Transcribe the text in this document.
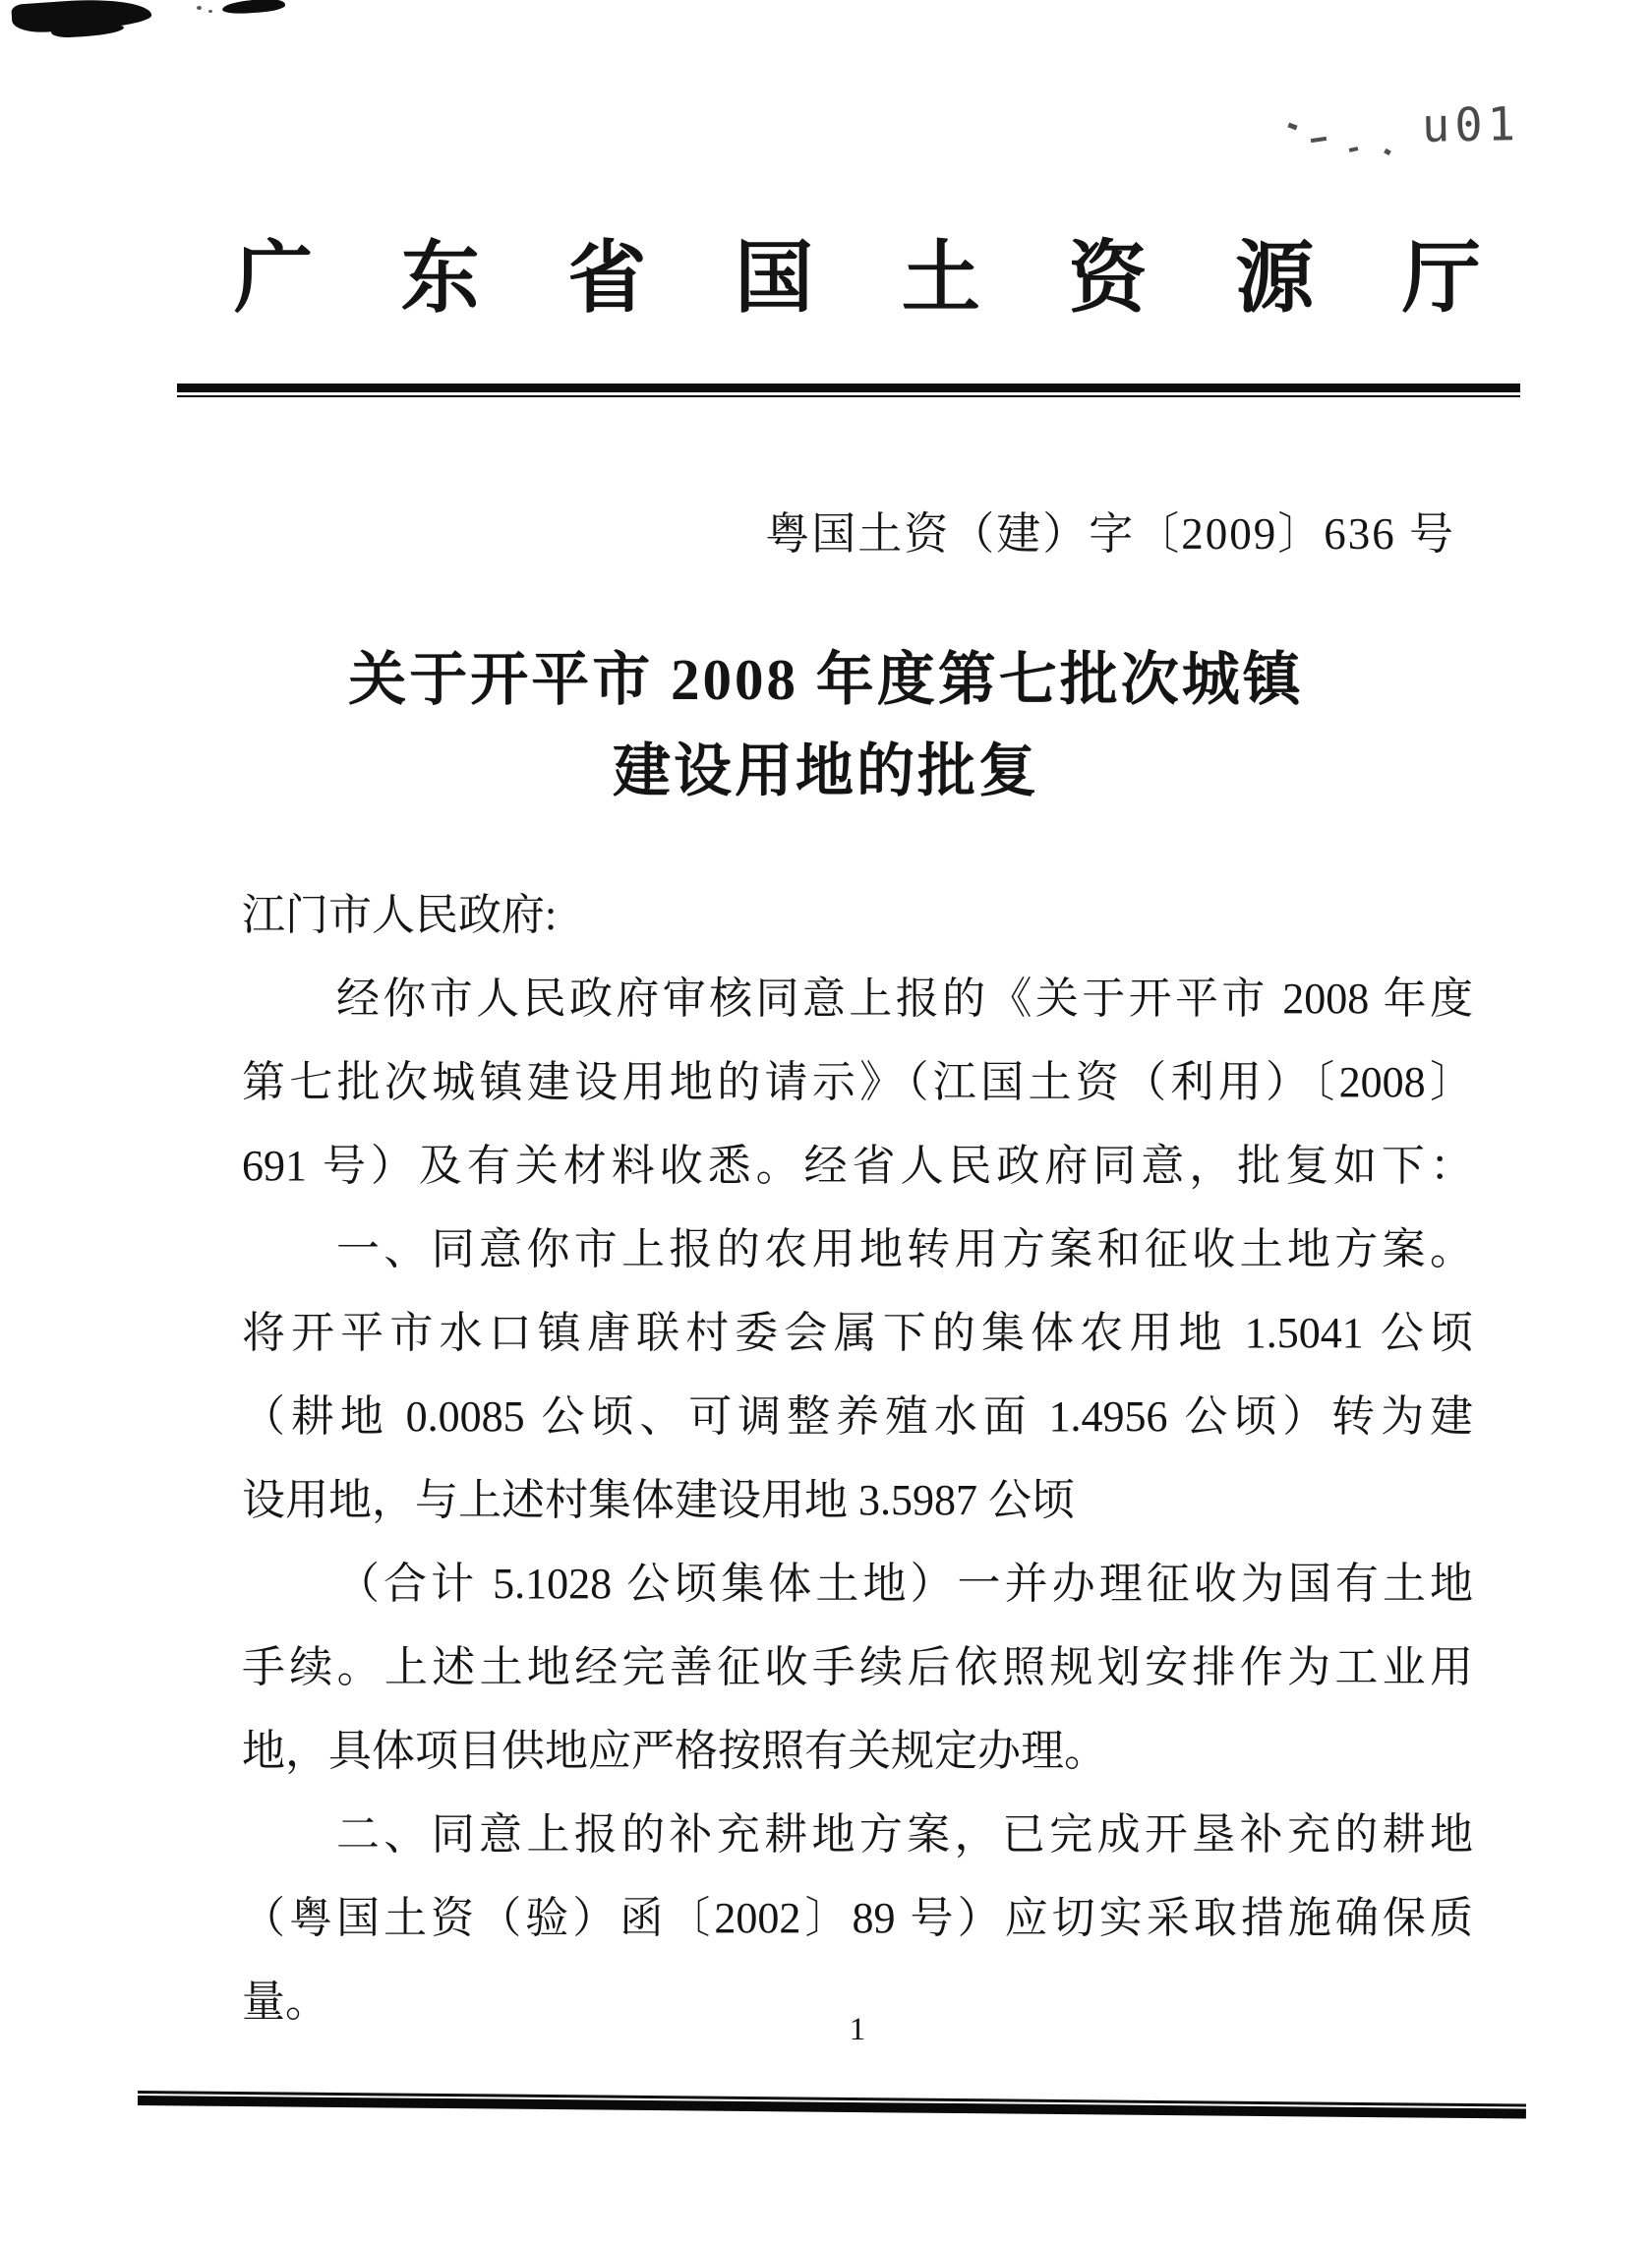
u01
广 东 省 国 土 资 源 厅
粤国土资（建）字〔2009〕636 号
关于开平市 2008 年度第七批次城镇
建设用地的批复
江门市人民政府:
经你市人民政府审核同意上报的《关于开平市 2008 年度
第七批次城镇建设用地的请示》（江国土资（利用）〔2008〕
691 号）及有关材料收悉。经省人民政府同意，批复如下：
一、同意你市上报的农用地转用方案和征收土地方案。
将开平市水口镇唐联村委会属下的集体农用地 1.5041 公顷
（耕地 0.0085 公顷、可调整养殖水面 1.4956 公顷）转为建
设用地，与上述村集体建设用地 3.5987 公顷
（合计 5.1028 公顷集体土地）一并办理征收为国有土地
手续。上述土地经完善征收手续后依照规划安排作为工业用
地，具体项目供地应严格按照有关规定办理。
二、同意上报的补充耕地方案，已完成开垦补充的耕地
（粤国土资（验）函〔2002〕89 号）应切实采取措施确保质
量。
1
